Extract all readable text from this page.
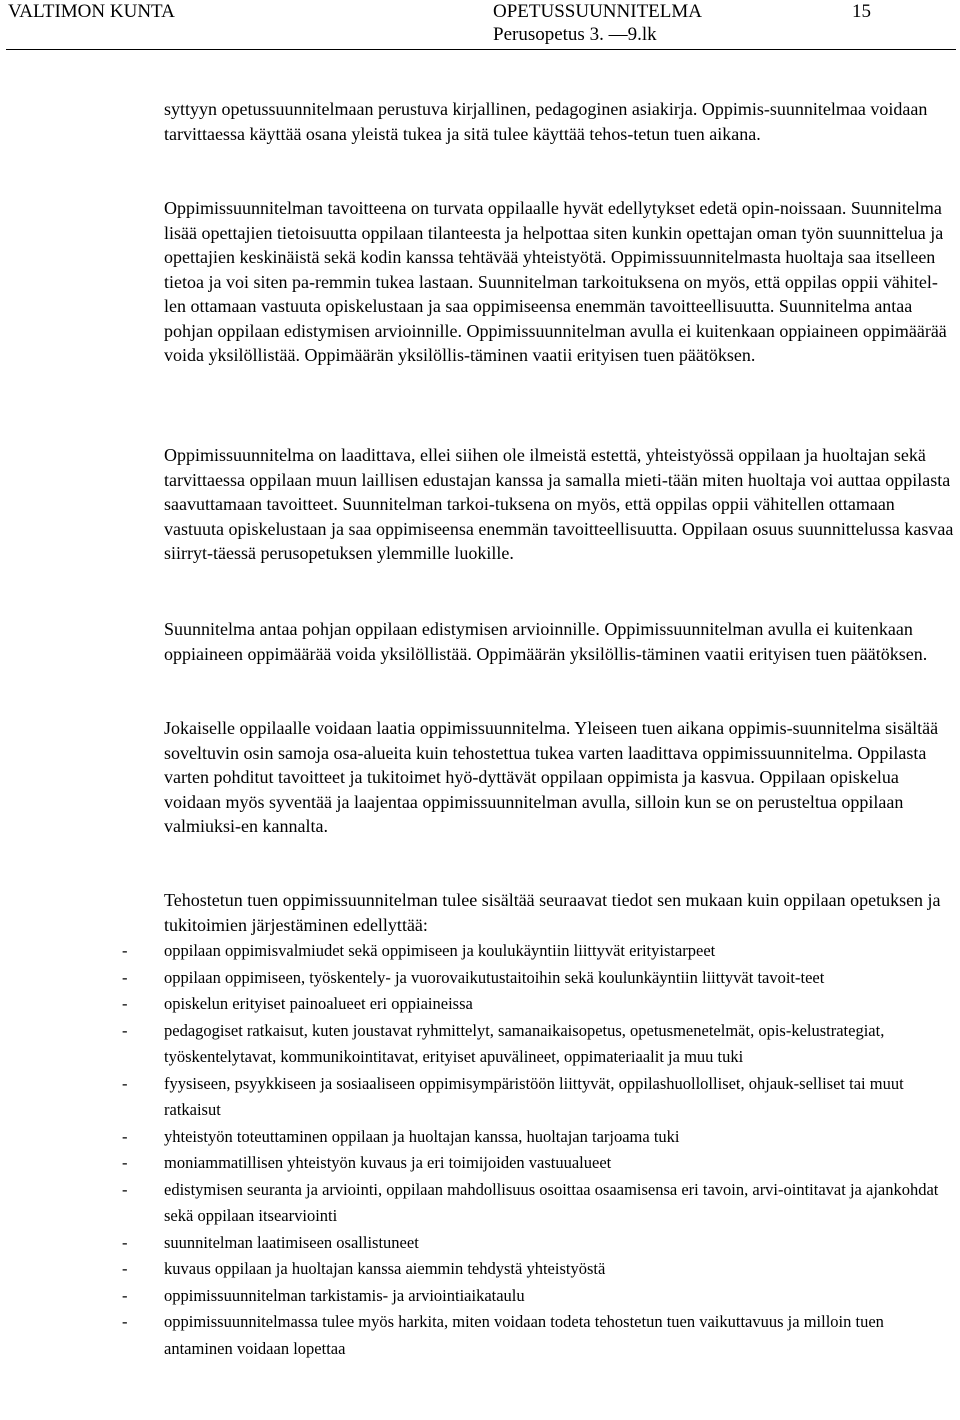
VALTIMON KUNTA	OPETUSSUUNNITELMA
Perusopetus 3. —9.lk
15

syttyyn opetussuunnitelmaan perustuva kirjallinen, pedagoginen asiakirja. Oppimis-suunnitelmaa voidaan tarvittaessa käyttää osana yleistä tukea ja sitä tulee käyttää tehos-tetun tuen aikana.

Oppimissuunnitelman tavoitteena on turvata oppilaalle hyvät edellytykset edetä opin-noissaan. Suunnitelma lisää opettajien tietoisuutta oppilaan tilanteesta ja helpottaa siten kunkin opettajan oman työn suunnittelua ja opettajien keskinäistä sekä kodin kanssa tehtävää yhteistyötä. Oppimissuunnitelmasta huoltaja saa itselleen tietoa ja voi siten pa-remmin tukea lastaan. Suunnitelman tarkoituksena on myös, että oppilas oppii vähitel-len ottamaan vastuuta opiskelustaan ja saa oppimiseensa enemmän tavoitteellisuutta. Suunnitelma antaa pohjan oppilaan edistymisen arvioinnille. Oppimissuunnitelman avulla ei kuitenkaan oppiaineen oppimäärää voida yksilöllistää. Oppimäärän yksilöllis-täminen vaatii erityisen tuen päätöksen.

Oppimissuunnitelma on laadittava, ellei siihen ole ilmeistä estettä, yhteistyössä oppilaan ja huoltajan sekä tarvittaessa oppilaan muun laillisen edustajan kanssa ja samalla mieti-tään miten huoltaja voi auttaa oppilasta saavuttamaan tavoitteet. Suunnitelman tarkoi-tuksena on myös, että oppilas oppii vähitellen ottamaan vastuuta opiskelustaan ja saa oppimiseensa enemmän tavoitteellisuutta. Oppilaan osuus suunnittelussa kasvaa siirryt-täessä perusopetuksen ylemmille luokille.

Suunnitelma antaa pohjan oppilaan edistymisen arvioinnille. Oppimissuunnitelman avulla ei kuitenkaan oppiaineen oppimäärää voida yksilöllistää. Oppimäärän yksilöllis-täminen vaatii erityisen tuen päätöksen.

Jokaiselle oppilaalle voidaan laatia oppimissuunnitelma. Yleiseen tuen aikana oppimis-suunnitelma sisältää soveltuvin osin samoja osa-alueita kuin tehostettua tukea varten laadittava oppimissuunnitelma. Oppilasta varten pohditut tavoitteet ja tukitoimet hyö-dyttävät oppilaan oppimista ja kasvua. Oppilaan opiskelua voidaan myös syventää ja laajentaa oppimissuunnitelman avulla, silloin kun se on perusteltua oppilaan valmiuksi-en kannalta.

Tehostetun tuen oppimissuunnitelman tulee sisältää seuraavat tiedot sen mukaan kuin oppilaan opetuksen ja tukitoimien järjestäminen edellyttää:

- oppilaan oppimisvalmiudet sekä oppimiseen ja koulukäyntiin liittyvät erityistarpeet
- oppilaan oppimiseen, työskentely- ja vuorovaikutustaitoihin sekä koulunkäyntiin liittyvät tavoit-teet
- opiskelun erityiset painoalueet eri oppiaineissa
- pedagogiset ratkaisut, kuten joustavat ryhmittelyt, samanaikaisopetus, opetusmenetelmät, opis-kelustrategiat, työskentelytavat, kommunikointitavat, erityiset apuvälineet, oppimateriaalit ja muu tuki
- fyysiseen, psyykkiseen ja sosiaaliseen oppimisympäristöön liittyvät, oppilashuollolliset, ohjauk-selliset tai muut ratkaisut
- yhteistyön toteuttaminen oppilaan ja huoltajan kanssa, huoltajan tarjoama tuki
- moniammatillisen yhteistyön kuvaus ja eri toimijoiden vastuualueet
- edistymisen seuranta ja arviointi, oppilaan mahdollisuus osoittaa osaamisensa eri tavoin, arvi-ointitavat ja ajankohdat sekä oppilaan itsearviointi
- suunnitelman laatimiseen osallistuneet
- kuvaus oppilaan ja huoltajan kanssa aiemmin tehdystä yhteistyöstä
- oppimissuunnitelman tarkistamis- ja arviointiaikataulu
- oppimissuunnitelmassa tulee myös harkita, miten voidaan todeta tehostetun tuen vaikuttavuus ja milloin tuen antaminen voidaan lopettaa
